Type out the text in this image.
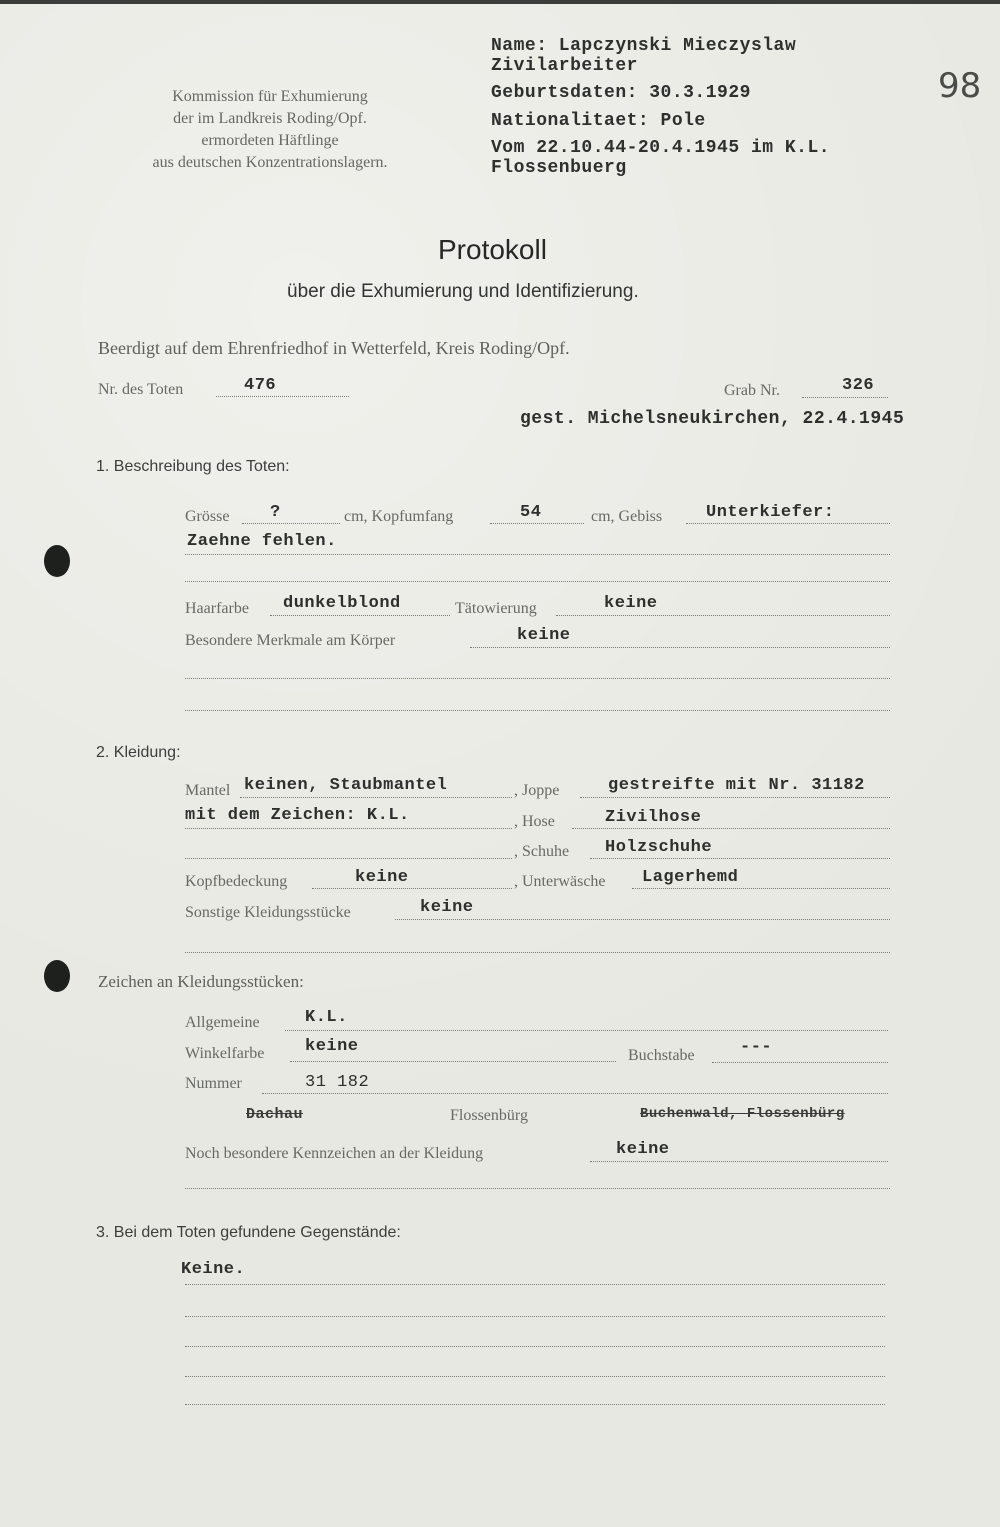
98
Kommission für Exhumierung
der im Landkreis Roding/Opf.
ermordeten Häftlinge
aus deutschen Konzentrationslagern.
Name: Lapczynski Mieczyslaw
Zivilarbeiter
Geburtsdaten: 30.3.1929
Nationalitaet: Pole
Vom 22.10.44-20.4.1945 im K.L.
Flossenbuerg
Protokoll
über die Exhumierung und Identifizierung.
Beerdigt auf dem Ehrenfriedhof in Wetterfeld, Kreis Roding/Opf.
Nr. des Toten	476	Grab Nr.	326
gest. Michelsneukirchen, 22.4.1945
1. Beschreibung des Toten:
Grösse ?	cm, Kopfumfang	54	cm, Gebiss	Unterkiefer:
Zaehne fehlen.
Haarfarbe dunkelblond	Tätowierung	keine
Besondere Merkmale am Körper	keine
2. Kleidung:
Mantel keinen, Staubmantel	, Joppe	gestreifte mit Nr. 31182
mit dem Zeichen: K.L.	, Hose	Zivilhose
, Schuhe Holzschuhe
Kopfbedeckung	keine	, Unterwäsche Lagerhemd
Sonstige Kleidungsstücke	keine
Zeichen an Kleidungsstücken:
Allgemeine	K.L.
Winkelfarbe keine	Buchstabe	---
Nummer	31 182
Dachau	Flossenbürg	Buchenwald, Flossenbürg
Noch besondere Kennzeichen an der Kleidung	keine
3. Bei dem Toten gefundene Gegenstände:
Keine.
